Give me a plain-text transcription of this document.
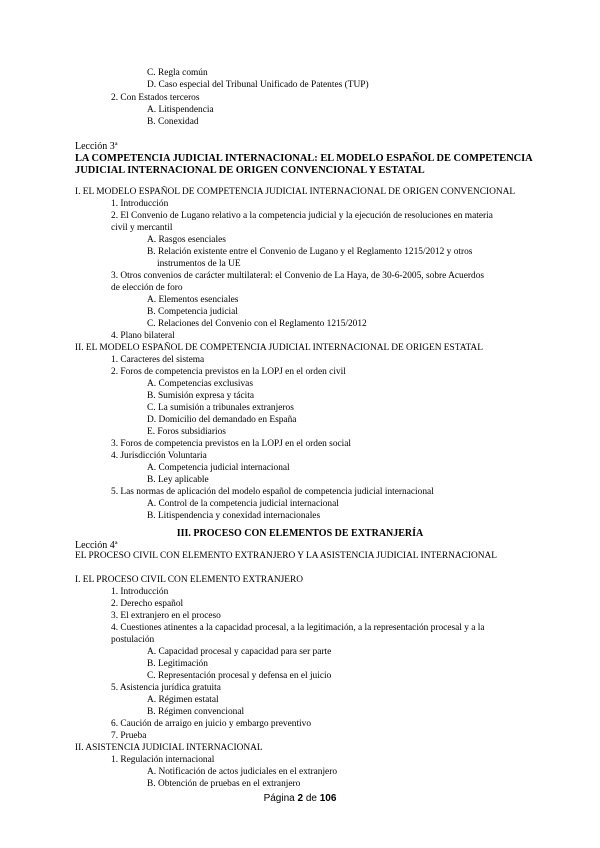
C. Regla común
D. Caso especial del Tribunal Unificado de Patentes (TUP)
2. Con Estados terceros
A. Litispendencia
B. Conexidad
Lección 3ª
LA COMPETENCIA JUDICIAL INTERNACIONAL: EL MODELO ESPAÑOL DE COMPETENCIA
JUDICIAL INTERNACIONAL DE ORIGEN CONVENCIONAL Y ESTATAL
I. EL MODELO ESPAÑOL DE COMPETENCIA JUDICIAL INTERNACIONAL DE ORIGEN CONVENCIONAL
1. Introducción
2. El Convenio de Lugano relativo a la competencia judicial y la ejecución de resoluciones en materia
civil y mercantil
A. Rasgos esenciales
B. Relación existente entre el Convenio de Lugano y el Reglamento 1215/2012 y otros
instrumentos de la UE
3. Otros convenios de carácter multilateral: el Convenio de La Haya, de 30-6-2005, sobre Acuerdos
de elección de foro
A. Elementos esenciales
B. Competencia judicial
C. Relaciones del Convenio con el Reglamento 1215/2012
4. Plano bilateral
II. EL MODELO ESPAÑOL DE COMPETENCIA JUDICIAL INTERNACIONAL DE ORIGEN ESTATAL
1. Caracteres del sistema
2. Foros de competencia previstos en la LOPJ en el orden civil
A. Competencias exclusivas
B. Sumisión expresa y tácita
C. La sumisión a tribunales extranjeros
D. Domicilio del demandado en España
E. Foros subsidiarios
3. Foros de competencia previstos en la LOPJ en el orden social
4. Jurisdicción Voluntaria
A. Competencia judicial internacional
B. Ley aplicable
5. Las normas de aplicación del modelo español de competencia judicial internacional
A. Control de la competencia judicial internacional
B. Litispendencia y conexidad internacionales
III. PROCESO CON ELEMENTOS DE EXTRANJERÍA
Lección 4ª
EL PROCESO CIVIL CON ELEMENTO EXTRANJERO Y LA ASISTENCIA JUDICIAL INTERNACIONAL
I. EL PROCESO CIVIL CON ELEMENTO EXTRANJERO
1. Introducción
2. Derecho español
3. El extranjero en el proceso
4. Cuestiones atinentes a la capacidad procesal, a la legitimación, a la representación procesal y a la
postulación
A. Capacidad procesal y capacidad para ser parte
B. Legitimación
C. Representación procesal y defensa en el juicio
5. Asistencia jurídica gratuita
A. Régimen estatal
B. Régimen convencional
6. Caución de arraigo en juicio y embargo preventivo
7. Prueba
II. ASISTENCIA JUDICIAL INTERNACIONAL
1. Regulación internacional
A. Notificación de actos judiciales en el extranjero
B. Obtención de pruebas en el extranjero
Página 2 de 106
